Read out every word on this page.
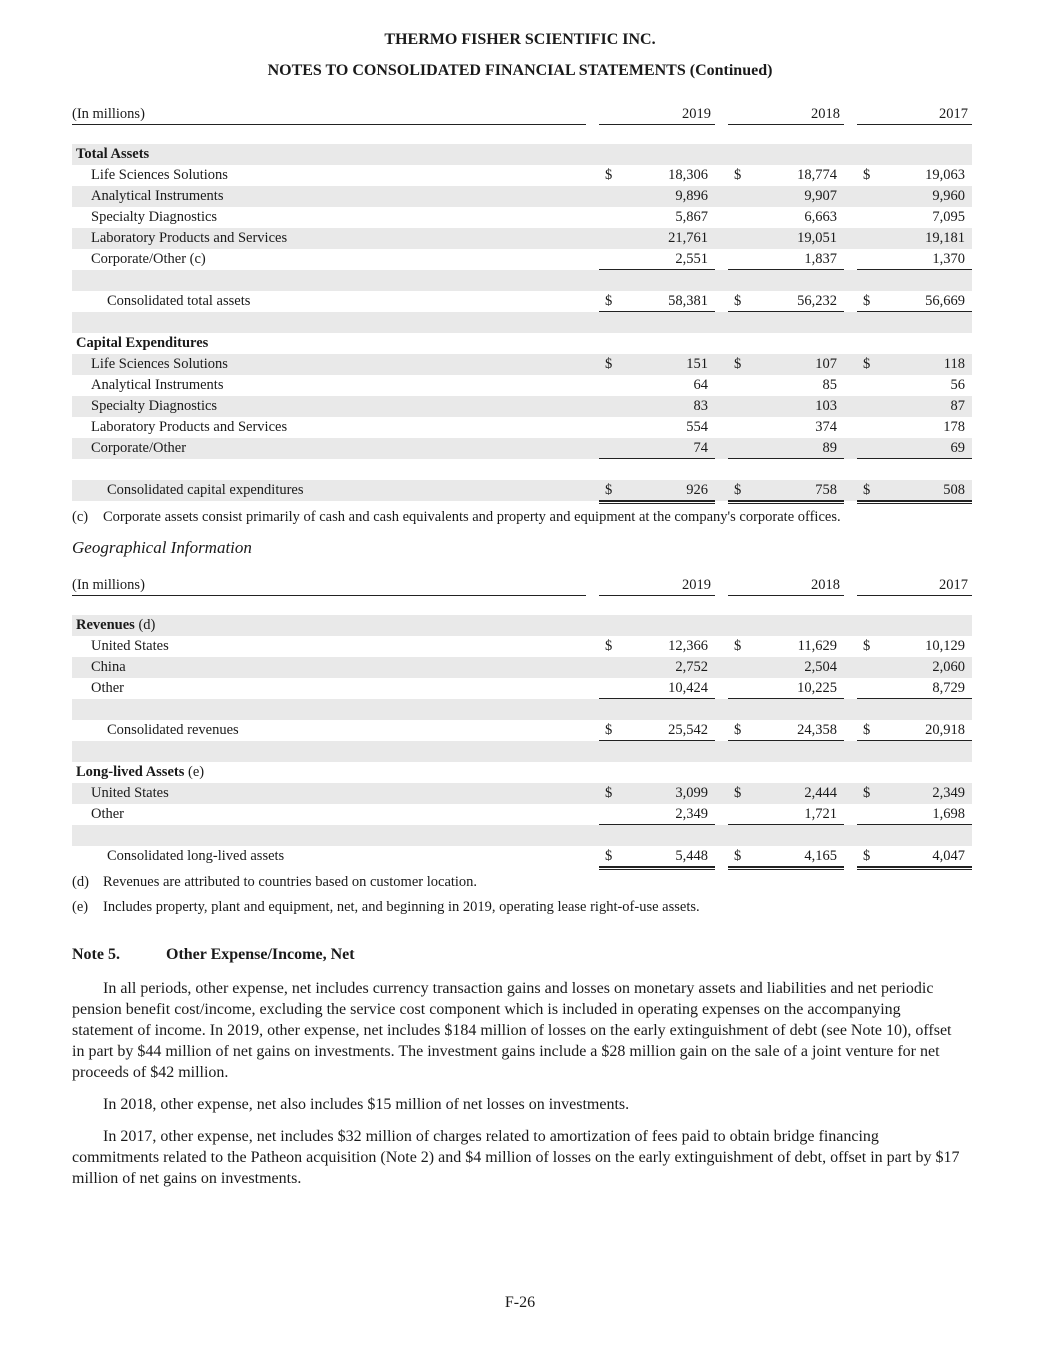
THERMO FISHER SCIENTIFIC INC.
NOTES TO CONSOLIDATED FINANCIAL STATEMENTS (Continued)
(In millions)	2019	2018	2017
Total Assets
Life Sciences Solutions	$	18,306 $	18,774 $	19,063
Analytical Instruments	9,896	9,907	9,960
Specialty Diagnostics	5,867	6,663	7,095
Laboratory Products and Services	21,761	19,051	19,181
Corporate/Other (c)	2,551	1,837	1,370
Consolidated total assets	$	58,381 $	56,232 $	56,669
Capital Expenditures
Life Sciences Solutions	$	151 $	107 $	118
Analytical Instruments	64	85	56
Specialty Diagnostics	83	103	87
Laboratory Products and Services	554	374	178
Corporate/Other	74	89	69
Consolidated capital expenditures	$	926 $	758 $	508
(c) Corporate assets consist primarily of cash and cash equivalents and property and equipment at the company's corporate offices.
Geographical Information
(In millions)	2019	2018	2017
Revenues (d)
United States	$	12,366 $	11,629 $	10,129
China	2,752	2,504	2,060
Other	10,424	10,225	8,729
Consolidated revenues	$	25,542 $	24,358 $	20,918
Long-lived Assets (e)
United States	$	3,099 $	2,444 $	2,349
Other	2,349	1,721	1,698
Consolidated long-lived assets	$	5,448 $	4,165 $	4,047
(d) Revenues are attributed to countries based on customer location.
(e) Includes property, plant and equipment, net, and beginning in 2019, operating lease right-of-use assets.
Note 5.	Other Expense/Income, Net
In all periods, other expense, net includes currency transaction gains and losses on monetary assets and liabilities and net periodic pension benefit cost/income, excluding the service cost component which is included in operating expenses on the accompanying statement of income. In 2019, other expense, net includes $184 million of losses on the early extinguishment of debt (see Note 10), offset in part by $44 million of net gains on investments. The investment gains include a $28 million gain on the sale of a joint venture for net proceeds of $42 million.
In 2018, other expense, net also includes $15 million of net losses on investments.
In 2017, other expense, net includes $32 million of charges related to amortization of fees paid to obtain bridge financing commitments related to the Patheon acquisition (Note 2) and $4 million of losses on the early extinguishment of debt, offset in part by $17 million of net gains on investments.
F-26
